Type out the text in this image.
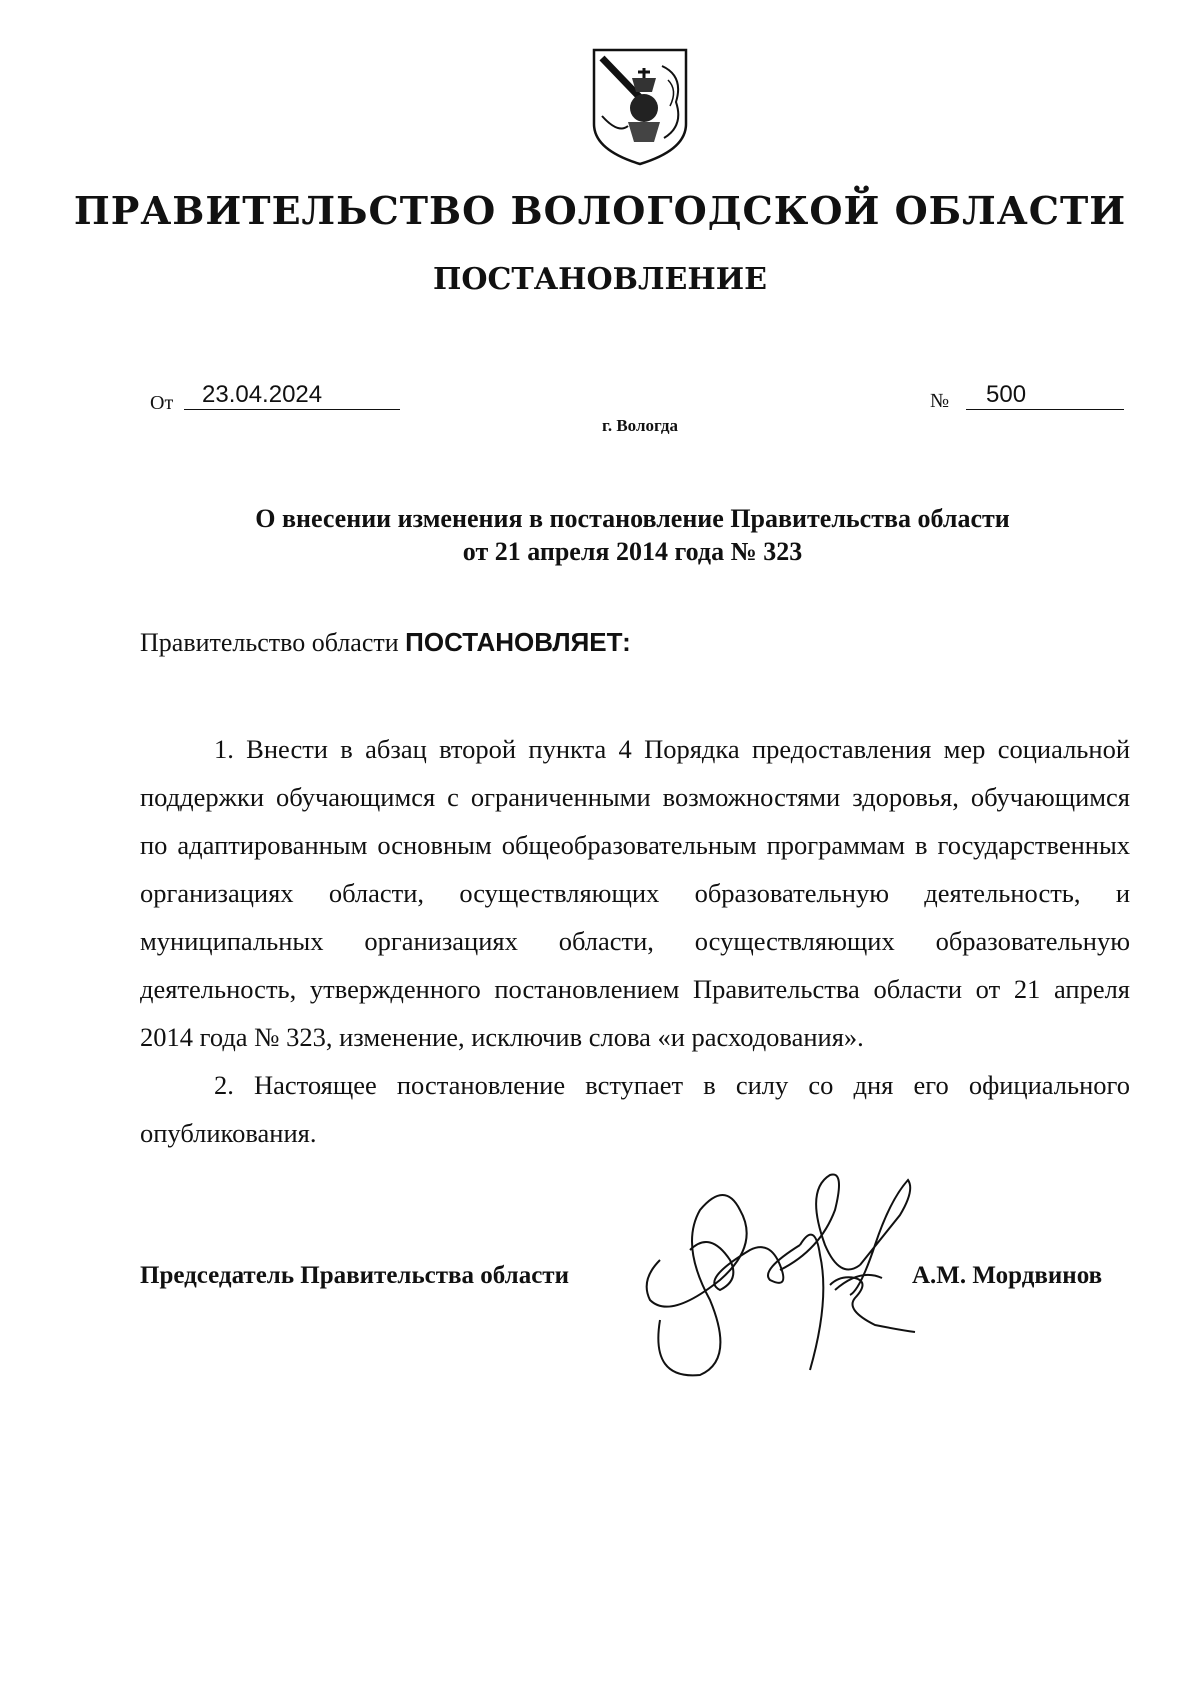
ПРАВИТЕЛЬСТВО ВОЛОГОДСКОЙ ОБЛАСТИ
ПОСТАНОВЛЕНИЕ
От	23.04.2024	№	500
г. Вологда
О внесении изменения в постановление Правительства области
от 21 апреля 2014 года № 323

Правительство области ПОСТАНОВЛЯЕТ:

1. Внести в абзац второй пункта 4 Порядка предоставления мер социальной поддержки обучающимся с ограниченными возможностями здоровья, обучающимся по адаптированным основным общеобразовательным программам в государственных организациях области, осуществляющих образовательную деятельность, и муниципальных организациях области, осуществляющих образовательную деятельность, утвержденного постановлением Правительства области от 21 апреля 2014 года № 323, изменение, исключив слова «и расходования».

2. Настоящее постановление вступает в силу со дня его официального опубликования.

Председатель Правительства области	А.М. Мордвинов
